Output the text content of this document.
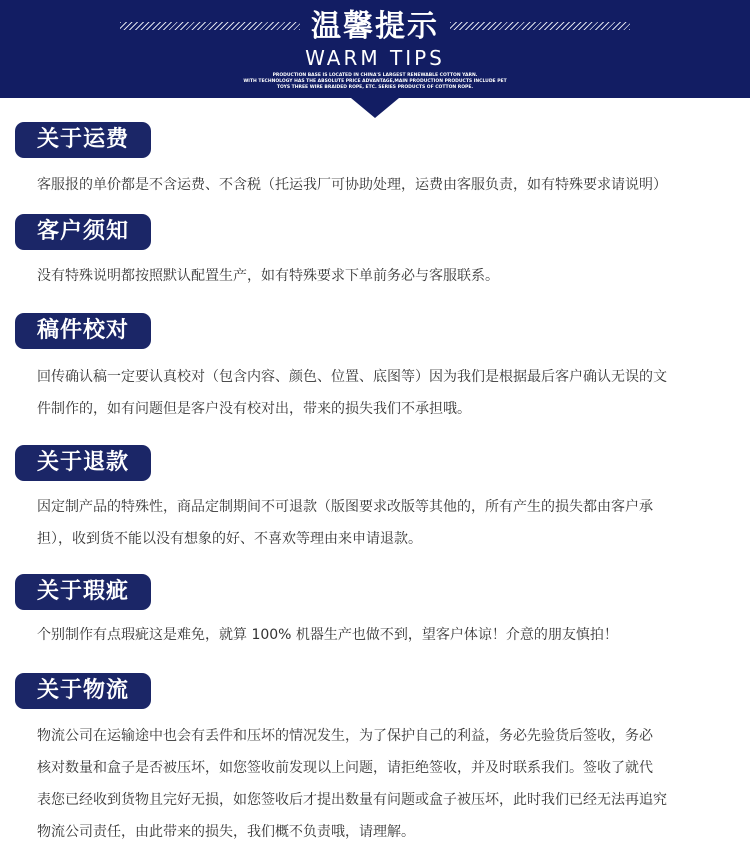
温馨提示
WARM TIPS
PRODUCTION BASE IS LOCATED IN CHINA'S LARGEST RENEWABLE COTTON YARN.
WITH TECHNOLOGY HAS THE ABSOLUTE PRICE ADVANTAGE,MAIN PRODUCTION PRODUCTS INCLUDE PET
TOYS THREE WIRE BRAIDED ROPE, ETC. SERIES PRODUCTS OF COTTON ROPE.
关于运费

客服报的单价都是不含运费、不含税（托运我厂可协助处理，运费由客服负责，如有特殊要求请说明）

客户须知

没有特殊说明都按照默认配置生产，如有特殊要求下单前务必与客服联系。

稿件校对

回传确认稿一定要认真校对（包含内容、颜色、位置、底图等）因为我们是根据最后客户确认无误的文

件制作的，如有问题但是客户没有校对出，带来的损失我们不承担哦。

关于退款

因定制产品的特殊性，商品定制期间不可退款（版图要求改版等其他的，所有产生的损失都由客户承

担），收到货不能以没有想象的好、不喜欢等理由来申请退款。

关于瑕疵

个别制作有点瑕疵这是难免，就算 100% 机器生产也做不到，望客户体谅！介意的朋友慎拍！

关于物流

物流公司在运输途中也会有丢件和压坏的情况发生，为了保护自己的利益，务必先验货后签收，务必

核对数量和盒子是否被压坏，如您签收前发现以上问题，请拒绝签收，并及时联系我们。签收了就代

表您已经收到货物且完好无损，如您签收后才提出数量有问题或盒子被压坏，此时我们已经无法再追究

物流公司责任，由此带来的损失，我们概不负责哦，请理解。
